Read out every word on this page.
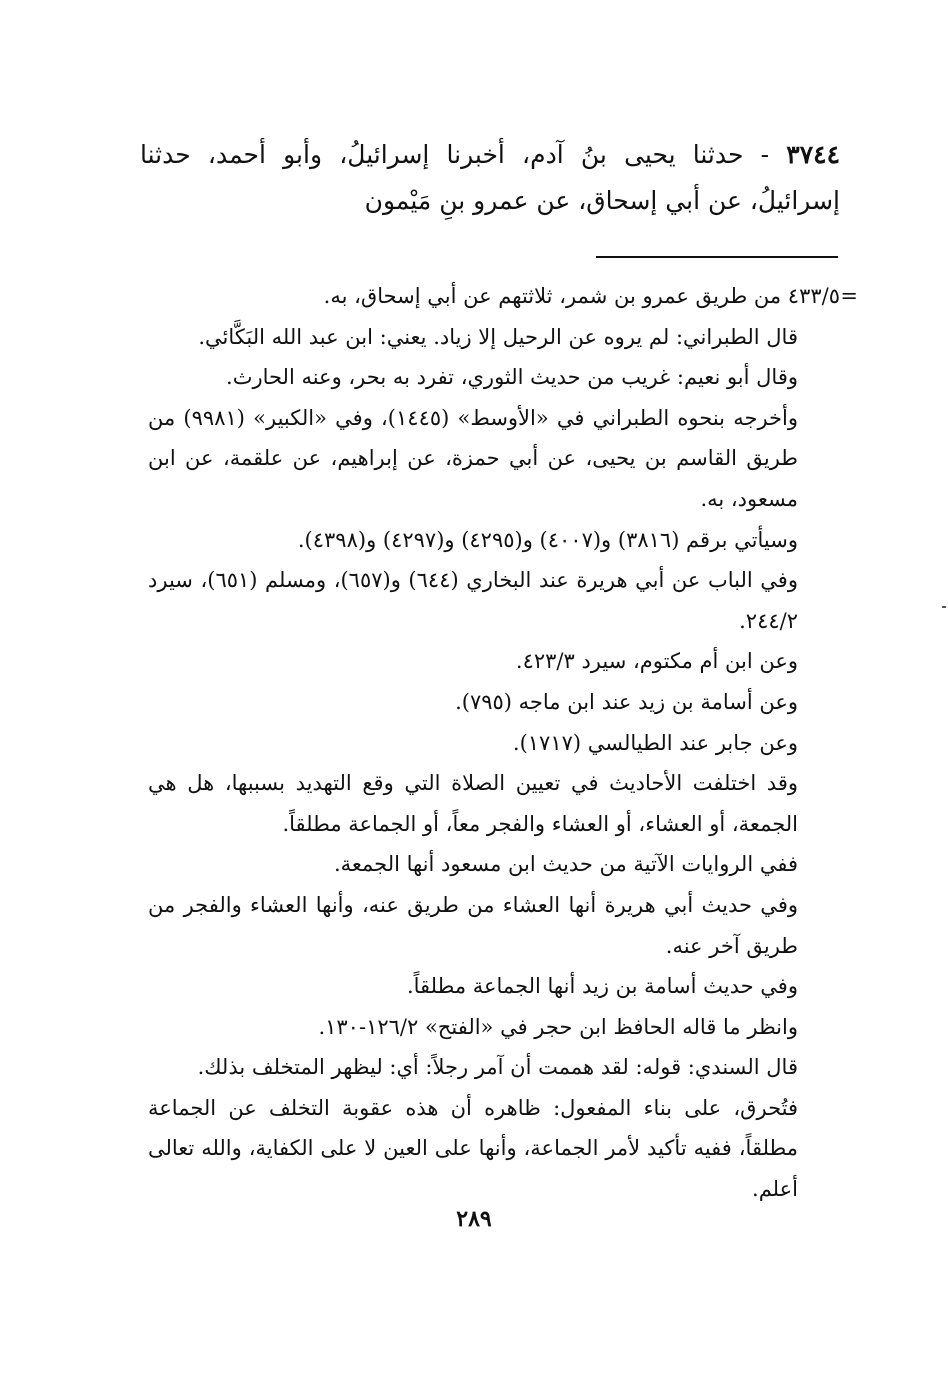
٣٧٤٤ - حدثنا يحيى بنُ آدم، أخبرنا إسرائيلُ، وأبو أحمد، حدثنا إسرائيلُ، عن أبي إسحاق، عن عمرو بنِ مَيْمون
=

٤٣٣/٥ من طريق عمرو بن شمر، ثلاثتهم عن أبي إسحاق، به.

قال الطبراني: لم يروه عن الرحيل إلا زياد. يعني: ابن عبد الله البَكَّائي.

وقال أبو نعيم: غريب من حديث الثوري، تفرد به بحر، وعنه الحارث.

وأخرجه بنحوه الطبراني في «الأوسط» (١٤٤٥)، وفي «الكبير» (٩٩٨١) من طريق القاسم بن يحيى، عن أبي حمزة، عن إبراهيم، عن علقمة، عن ابن مسعود، به.

وسيأتي برقم (٣٨١٦) و(٤٠٠٧) و(٤٢٩٥) و(٤٢٩٧) و(٤٣٩٨).

وفي الباب عن أبي هريرة عند البخاري (٦٤٤) و(٦٥٧)، ومسلم (٦٥١)، سيرد ٢٤٤/٢.

وعن ابن أم مكتوم، سيرد ٤٢٣/٣.

وعن أسامة بن زيد عند ابن ماجه (٧٩٥).

وعن جابر عند الطيالسي (١٧١٧).

وقد اختلفت الأحاديث في تعيين الصلاة التي وقع التهديد بسببها، هل هي الجمعة، أو العشاء، أو العشاء والفجر معاً، أو الجماعة مطلقاً.

ففي الروايات الآتية من حديث ابن مسعود أنها الجمعة.

وفي حديث أبي هريرة أنها العشاء من طريق عنه، وأنها العشاء والفجر من طريق آخر عنه.

وفي حديث أسامة بن زيد أنها الجماعة مطلقاً.

وانظر ما قاله الحافظ ابن حجر في «الفتح» ١٢٦/٢-١٣٠.

قال السندي: قوله: لقد هممت أن آمر رجلاً: أي: ليظهر المتخلف بذلك.

فتُحرق، على بناء المفعول: ظاهره أن هذه عقوبة التخلف عن الجماعة مطلقاً، ففيه تأكيد لأمر الجماعة، وأنها على العين لا على الكفاية، والله تعالى أعلم.

٢٨٩
